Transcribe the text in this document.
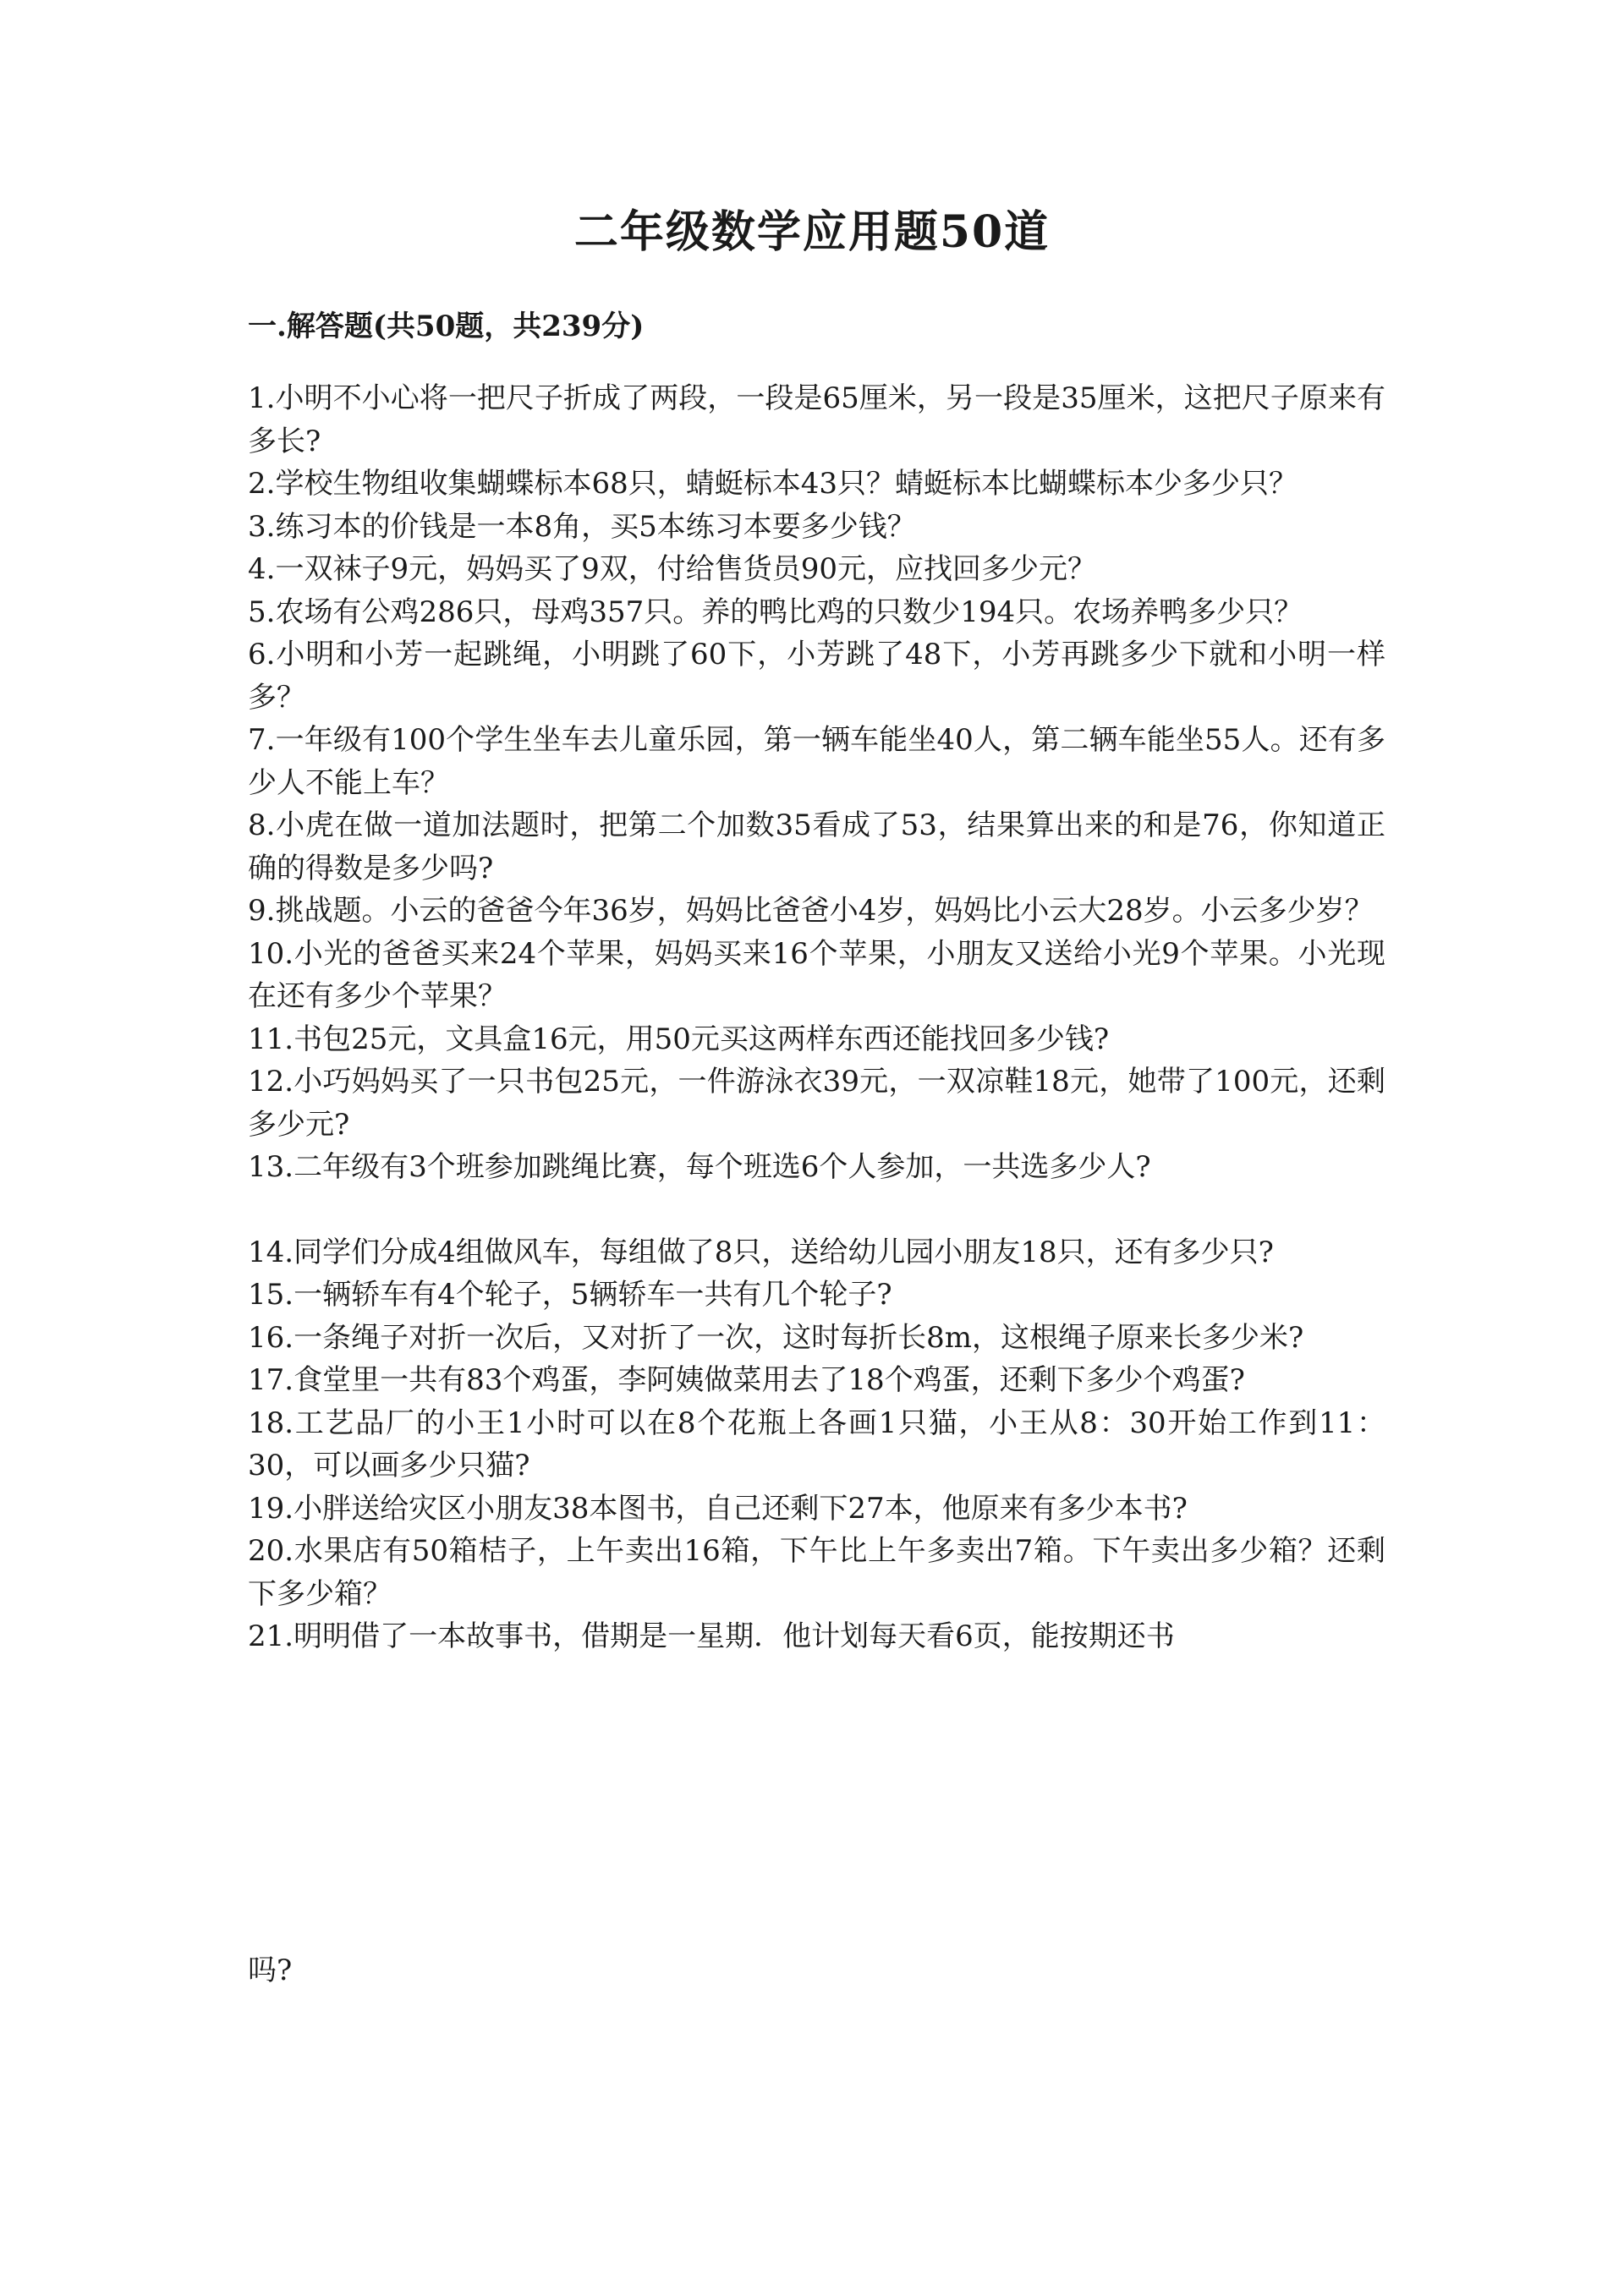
二年级数学应用题50道
一.解答题(共50题，共239分)

1.小明不小心将一把尺子折成了两段，一段是65厘米，另一段是35厘米，这把尺子原来有多长?

2.学校生物组收集蝴蝶标本68只，蜻蜓标本43只？蜻蜓标本比蝴蝶标本少多少只？

3.练习本的价钱是一本8角，买5本练习本要多少钱？

4.一双袜子9元，妈妈买了9双，付给售货员90元，应找回多少元？

5.农场有公鸡286只，母鸡357只。养的鸭比鸡的只数少194只。农场养鸭多少只？

6.小明和小芳一起跳绳，小明跳了60下，小芳跳了48下，小芳再跳多少下就和小明一样多？

7.一年级有100个学生坐车去儿童乐园，第一辆车能坐40人，第二辆车能坐55人。还有多少人不能上车？

8.小虎在做一道加法题时，把第二个加数35看成了53，结果算出来的和是76，你知道正确的得数是多少吗?

9.挑战题。小云的爸爸今年36岁，妈妈比爸爸小4岁，妈妈比小云大28岁。小云多少岁？

10.小光的爸爸买来24个苹果，妈妈买来16个苹果，小朋友又送给小光9个苹果。小光现在还有多少个苹果？

11.书包25元，文具盒16元，用50元买这两样东西还能找回多少钱?

12.小巧妈妈买了一只书包25元，一件游泳衣39元，一双凉鞋18元，她带了100元，还剩多少元?

13.二年级有3个班参加跳绳比赛，每个班选6个人参加，一共选多少人?

14.同学们分成4组做风车，每组做了8只，送给幼儿园小朋友18只，还有多少只?

15.一辆轿车有4个轮子，5辆轿车一共有几个轮子?

16.一条绳子对折一次后，又对折了一次，这时每折长8m，这根绳子原来长多少米?

17.食堂里一共有83个鸡蛋，李阿姨做菜用去了18个鸡蛋，还剩下多少个鸡蛋?

18.工艺品厂的小王1小时可以在8个花瓶上各画1只猫，小王从8：30开始工作到11：30，可以画多少只猫?

19.小胖送给灾区小朋友38本图书，自己还剩下27本，他原来有多少本书?

20.水果店有50箱桔子，上午卖出16箱，下午比上午多卖出7箱。下午卖出多少箱？还剩下多少箱？

21.明明借了一本故事书，借期是一星期．他计划每天看6页，能按期还书

吗?
